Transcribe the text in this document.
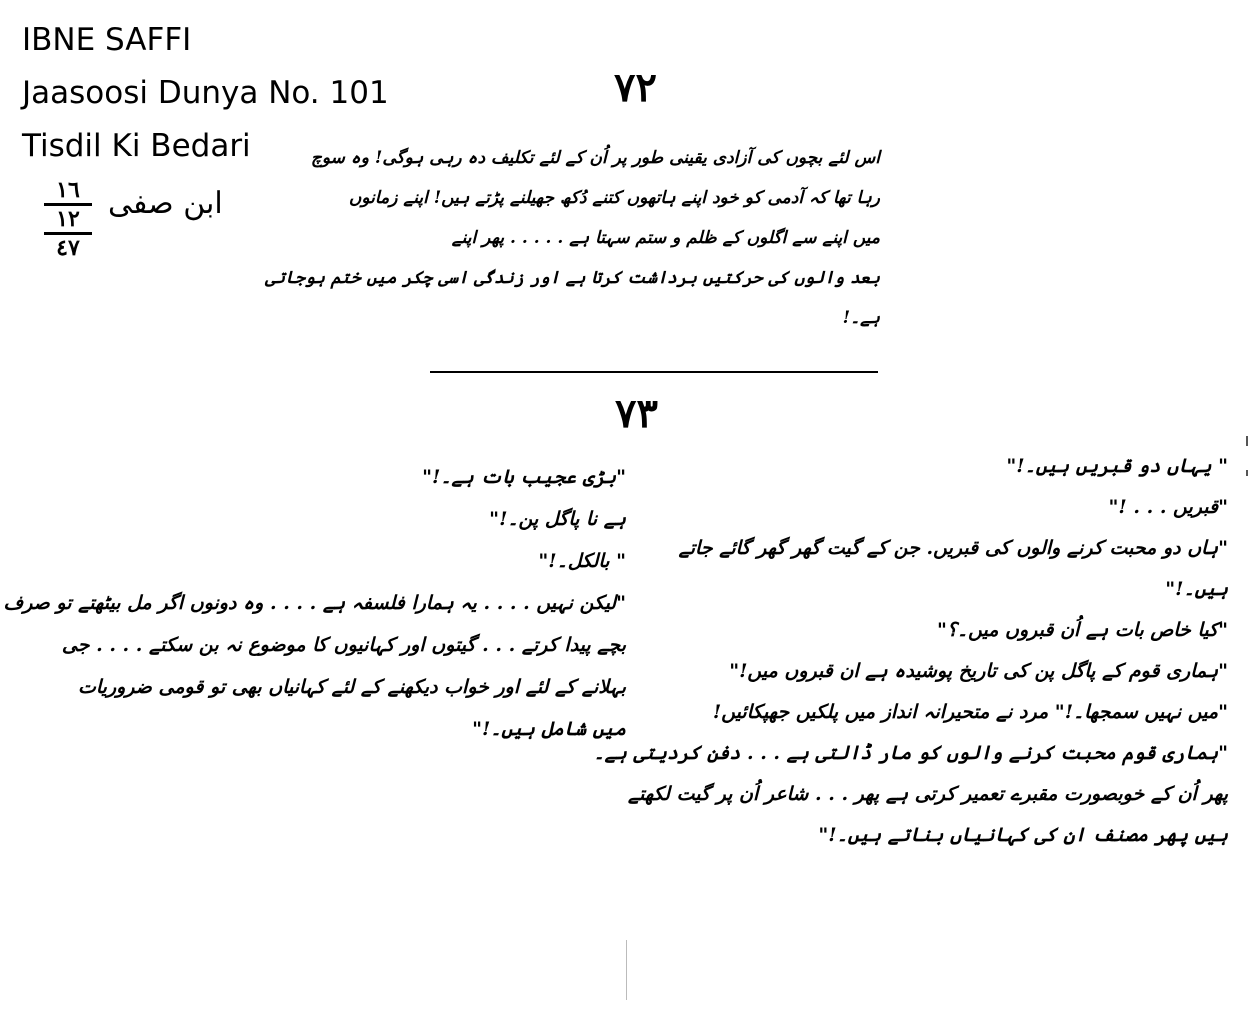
IBNE SAFFI
Jaasoosi Dunya No. 101
Tisdil Ki Bedari
١٦
١٢
٤٧
ابن صفی
٧٢
اس لئے بچوں کی آزادی یقینی طور پر اُن کے لئے تکلیف دہ رہی ہوگی! وہ سوچ
رہا تھا کہ آدمی کو خود اپنے ہاتھوں کتنے دُکھ جھیلنے پڑتے ہیں! اپنے زمانوں
میں اپنے سے اگلوں کے ظلم و ستم سہتا ہے . . . . . پھر اپنے
بعد والوں کی حرکتیں برداشت کرتا ہے اور زندگی اسی چکر میں ختم ہوجاتی
ہے۔!
٧٣
"بڑی عجیب بات ہے۔!"
ہے نا پاگل پن۔!"
" بالکل۔!"
"لیکن نہیں . . . . یہ ہمارا فلسفہ ہے . . . . وہ دونوں اگر مل بیٹھتے تو صرف
بچے پیدا کرتے . . . گیتوں اور کہانیوں کا موضوع نہ بن سکتے . . . . جی
بہلانے کے لئے اور خواب دیکھنے کے لئے کہانیاں بھی تو قومی ضروریات
میں شامل ہیں۔!"
" یہاں دو قبریں ہیں۔!"
"قبریں . . . !"
"ہاں دو محبت کرنے والوں کی قبریں. جن کے گیت گھر گھر گائے جاتے
ہیں۔!"
"کیا خاص بات ہے اُن قبروں میں۔؟"
"ہماری قوم کے پاگل پن کی تاریخ پوشیدہ ہے ان قبروں میں!"
"میں نہیں سمجھا۔!" مرد نے متحیرانہ انداز میں پلکیں جھپکائیں!
"ہماری قوم محبت کرنے والوں کو مار ڈالتی ہے . . . دفن کردیتی ہے۔
پھر اُن کے خوبصورت مقبرے تعمیر کرتی ہے پھر . . . شاعر اُن پر گیت لکھتے
ہیں پھر مصنف ان کی کہانیاں بناتے ہیں۔!"
